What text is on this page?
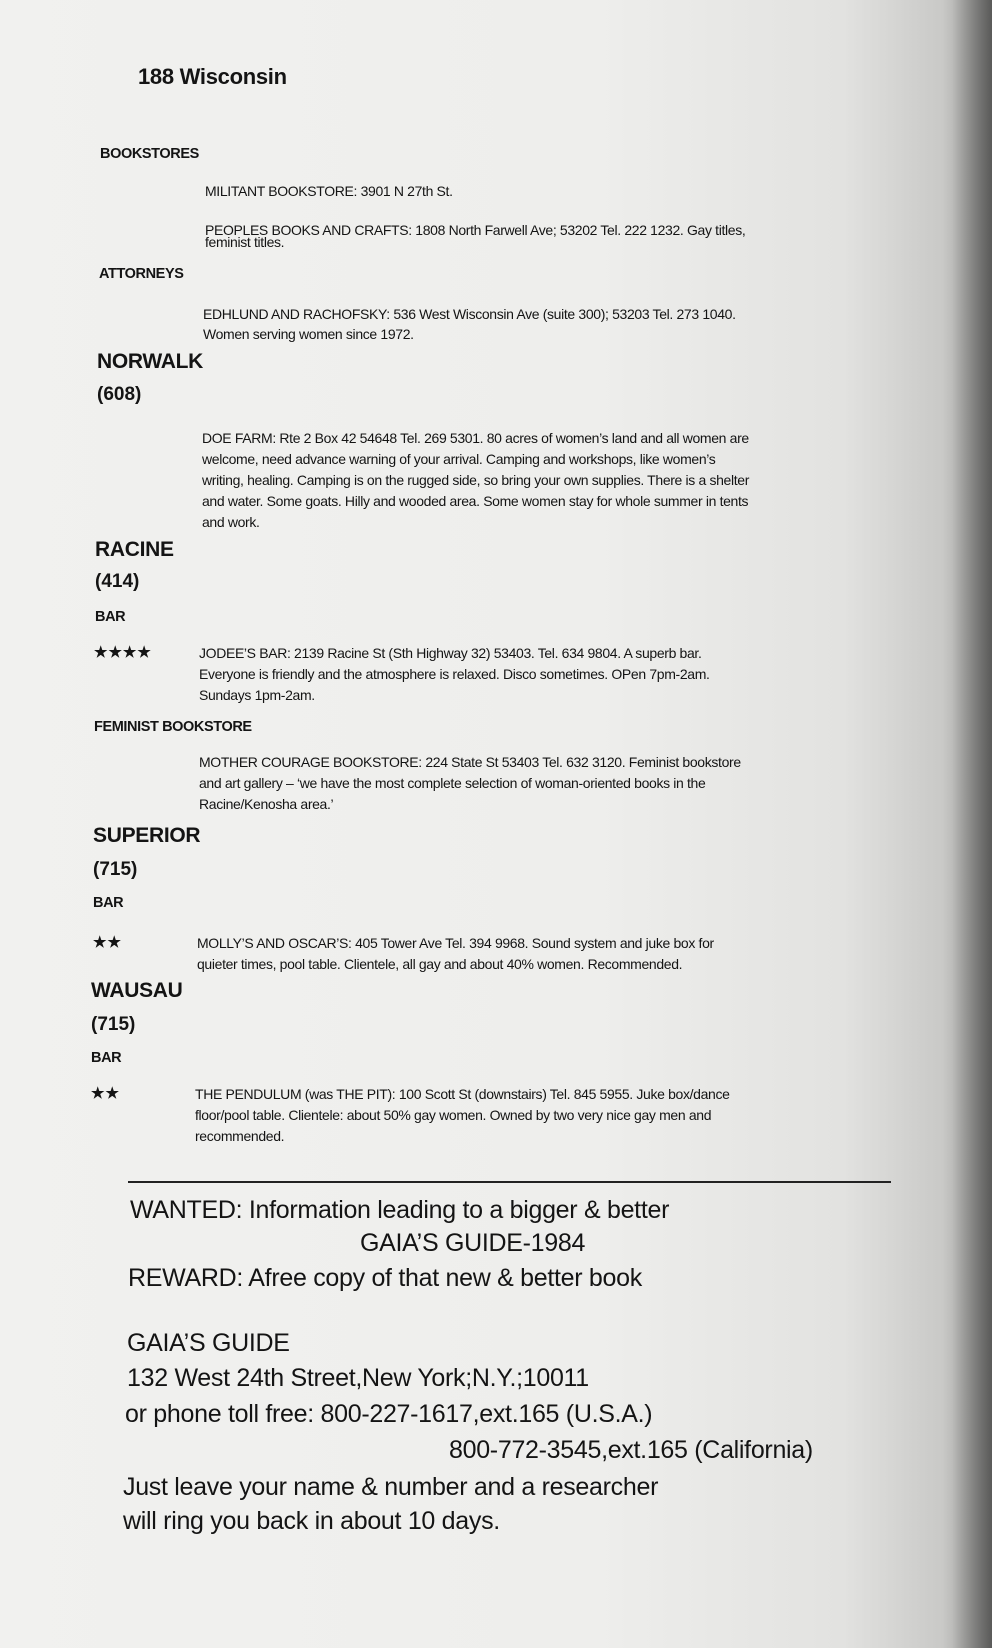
188 Wisconsin
BOOKSTORES
MILITANT BOOKSTORE: 3901 N 27th St.
PEOPLES BOOKS AND CRAFTS: 1808 North Farwell Ave; 53202 Tel. 222 1232. Gay titles,
feminist titles.
ATTORNEYS
EDHLUND AND RACHOFSKY: 536 West Wisconsin Ave (suite 300); 53203 Tel. 273 1040.
Women serving women since 1972.
NORWALK
(608)
DOE FARM: Rte 2 Box 42 54648 Tel. 269 5301. 80 acres of women’s land and all women are
welcome, need advance warning of your arrival. Camping and workshops, like women’s
writing, healing. Camping is on the rugged side, so bring your own supplies. There is a shelter
and water. Some goats. Hilly and wooded area. Some women stay for whole summer in tents
and work.
RACINE
(414)
BAR
★★★★	JODEE’S BAR: 2139 Racine St (Sth Highway 32) 53403. Tel. 634 9804. A superb bar.
Everyone is friendly and the atmosphere is relaxed. Disco sometimes. OPen 7pm-2am.
Sundays 1pm-2am.
FEMINIST BOOKSTORE
MOTHER COURAGE BOOKSTORE: 224 State St 53403 Tel. 632 3120. Feminist bookstore
and art gallery – ‘we have the most complete selection of woman-oriented books in the
Racine/Kenosha area.’
SUPERIOR
(715)
BAR
★★	MOLLY’S AND OSCAR’S: 405 Tower Ave Tel. 394 9968. Sound system and juke box for
quieter times, pool table. Clientele, all gay and about 40% women. Recommended.
WAUSAU
(715)
BAR
★★	THE PENDULUM (was THE PIT): 100 Scott St (downstairs) Tel. 845 5955. Juke box/dance
floor/pool table. Clientele: about 50% gay women. Owned by two very nice gay men and
recommended.
WANTED: Information leading to a bigger & better
GAIA’S GUIDE-1984
REWARD: Afree copy of that new & better book
GAIA’S GUIDE
132 West 24th Street,New York;N.Y.;10011
or phone toll free: 800-227-1617,ext.165 (U.S.A.)
800-772-3545,ext.165 (California)
Just leave your name & number and a researcher
will ring you back in about 10 days.
